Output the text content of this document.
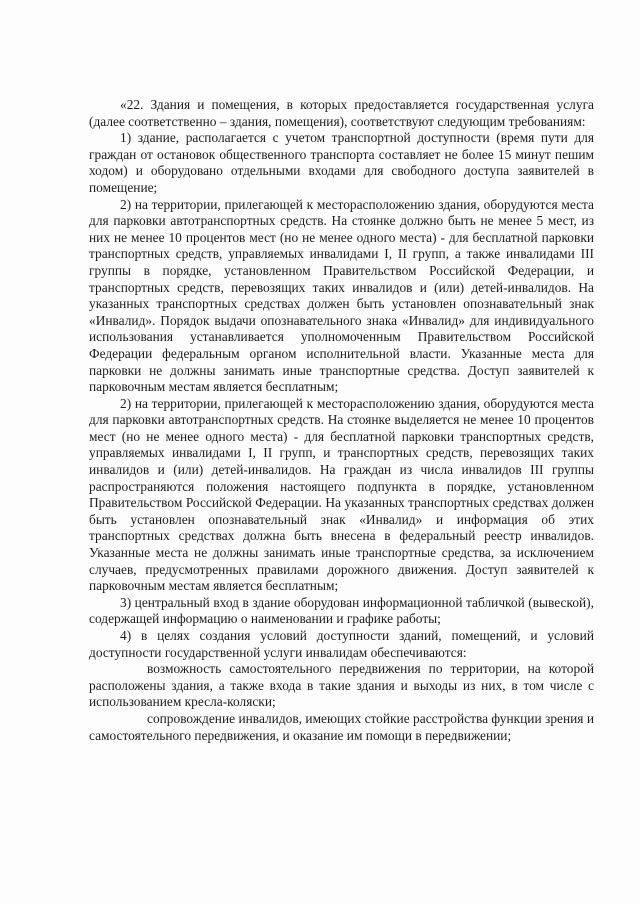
«22. Здания и помещения, в которых предоставляется государственная услуга (далее соответственно – здания, помещения), соответствуют следующим требованиям:

1) здание, располагается с учетом транспортной доступности (время пути для граждан от остановок общественного транспорта составляет не более 15 минут пешим ходом) и оборудовано отдельными входами для свободного доступа заявителей в помещение;

2) на территории, прилегающей к месторасположению здания, оборудуются места для парковки автотранспортных средств. На стоянке должно быть не менее 5 мест, из них не менее 10 процентов мест (но не менее одного места) - для бесплатной парковки транспортных средств, управляемых инвалидами I, II групп, а также инвалидами III группы в порядке, установленном Правительством Российской Федерации, и транспортных средств, перевозящих таких инвалидов и (или) детей-инвалидов. На указанных транспортных средствах должен быть установлен опознавательный знак «Инвалид». Порядок выдачи опознавательного знака «Инвалид» для индивидуального использования устанавливается уполномоченным Правительством Российской Федерации федеральным органом исполнительной власти. Указанные места для парковки не должны занимать иные транспортные средства. Доступ заявителей к парковочным местам является бесплатным;

2) на территории, прилегающей к месторасположению здания, оборудуются места для парковки автотранспортных средств. На стоянке выделяется не менее 10 процентов мест (но не менее одного места) - для бесплатной парковки транспортных средств, управляемых инвалидами I, II групп, и транспортных средств, перевозящих таких инвалидов и (или) детей-инвалидов. На граждан из числа инвалидов III группы распространяются положения настоящего подпункта в порядке, установленном Правительством Российской Федерации. На указанных транспортных средствах должен быть установлен опознавательный знак «Инвалид» и информация об этих транспортных средствах должна быть внесена в федеральный реестр инвалидов. Указанные места не должны занимать иные транспортные средства, за исключением случаев, предусмотренных правилами дорожного движения. Доступ заявителей к парковочным местам является бесплатным;

3) центральный вход в здание оборудован информационной табличкой (вывеской), содержащей информацию о наименовании и графике работы;

4) в целях создания условий доступности зданий, помещений, и условий доступности государственной услуги инвалидам обеспечиваются:

возможность самостоятельного передвижения по территории, на которой расположены здания, а также входа в такие здания и выходы из них, в том числе с использованием кресла-коляски;

сопровождение инвалидов, имеющих стойкие расстройства функции зрения и самостоятельного передвижения, и оказание им помощи в передвижении;
